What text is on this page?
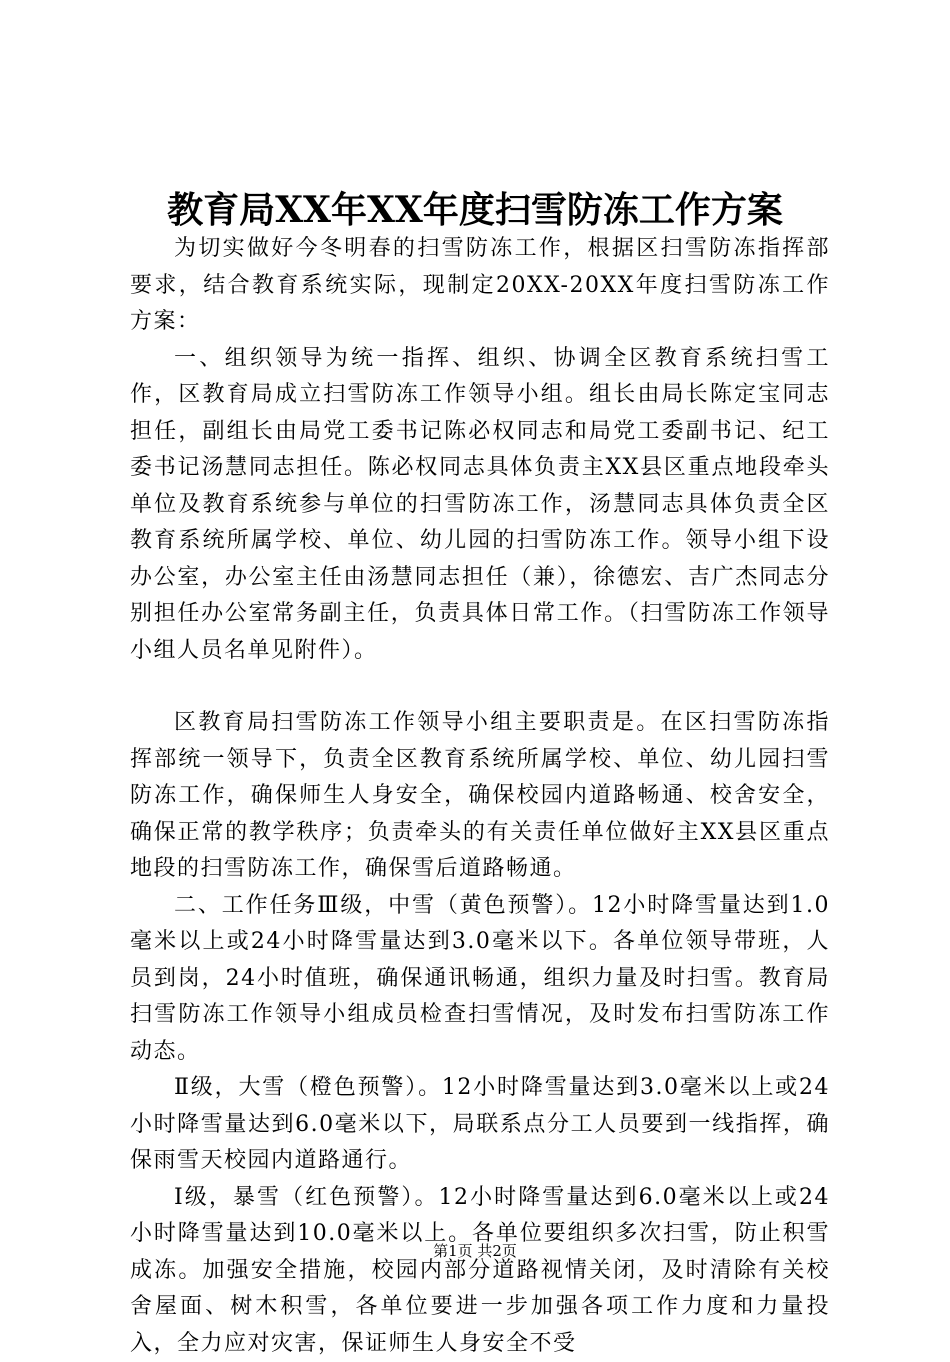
教育局XX年XX年度扫雪防冻工作方案

为切实做好今冬明春的扫雪防冻工作，根据区扫雪防冻指挥部要求，结合教育系统实际，现制定20XX-20XX年度扫雪防冻工作方案：

一、组织领导为统一指挥、组织、协调全区教育系统扫雪工作，区教育局成立扫雪防冻工作领导小组。组长由局长陈定宝同志担任，副组长由局党工委书记陈必权同志和局党工委副书记、纪工委书记汤慧同志担任。陈必权同志具体负责主XX县区重点地段牵头单位及教育系统参与单位的扫雪防冻工作，汤慧同志具体负责全区教育系统所属学校、单位、幼儿园的扫雪防冻工作。领导小组下设办公室，办公室主任由汤慧同志担任（兼），徐德宏、吉广杰同志分别担任办公室常务副主任，负责具体日常工作。（扫雪防冻工作领导小组人员名单见附件）。

区教育局扫雪防冻工作领导小组主要职责是。在区扫雪防冻指挥部统一领导下，负责全区教育系统所属学校、单位、幼儿园扫雪防冻工作，确保师生人身安全，确保校园内道路畅通、校舍安全，确保正常的教学秩序；负责牵头的有关责任单位做好主XX县区重点地段的扫雪防冻工作，确保雪后道路畅通。

二、工作任务Ⅲ级，中雪（黄色预警）。12小时降雪量达到1.0毫米以上或24小时降雪量达到3.0毫米以下。各单位领导带班，人员到岗，24小时值班，确保通讯畅通，组织力量及时扫雪。教育局扫雪防冻工作领导小组成员检查扫雪情况，及时发布扫雪防冻工作动态。

Ⅱ级，大雪（橙色预警）。12小时降雪量达到3.0毫米以上或24小时降雪量达到6.0毫米以下，局联系点分工人员要到一线指挥，确保雨雪天校园内道路通行。

Ⅰ级，暴雪（红色预警）。12小时降雪量达到6.0毫米以上或24小时降雪量达到10.0毫米以上。各单位要组织多次扫雪，防止积雪成冻。加强安全措施，校园内部分道路视情关闭，及时清除有关校舍屋面、树木积雪，各单位要进一步加强各项工作力度和力量投入，全力应对灾害，保证师生人身安全不受

第1页 共2页
